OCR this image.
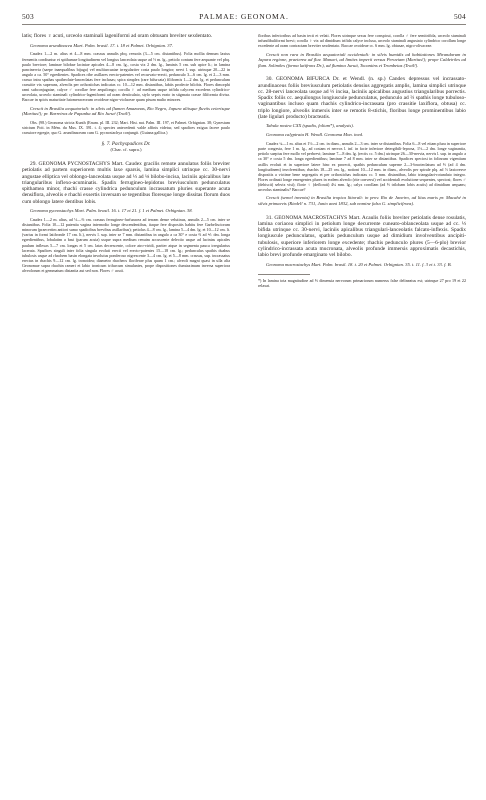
503	PALMAE: GEONOMA.	504

latis; flores ♀ acuti, urceolo staminali lageniformi ad oram obtusam breviter sexdentato.

Geonoma arundinacea Mart. Palm. brasil. 17. t. 18 et Palmet. Orbignian. 37.

Caudex 1—2 m. altus et 4—8 mm. crassus annulis pbq. remotis (3—5 cm. distantibus). Folia mollia demum laxius fermentis condiuntur et spithamae longitudinem vel longius lanceolata usque ad ½ m. lg., petiolo contum fere aequante vel pbq. paulo breviore; laminae bilobae laciniae apicales 4—8 cm. lg., costa vix 2 dm. lg., laminis 5 cm. sub apice lt.; in lamina pancinervia (saepe inaequalibus bijuga) vel multiarcuatae irregulariter costa paulo longior; nervi l. sup. utrinque 20—22 in angulo a ca. 50° egredientes. Spadices ribe axillares erecto-patentes vel recurvato-erecti, pedunculo 3—6 cm. lg. et 2—3 mm. crasso intra spathas spatheolate-lanceolatas fere inclusas; spica simplex (rare bifurcata) filiformis 1—2 dm. lg. et pedunculum crassitie vix superans, alveolis per orthostichas indicatas cc. 10—12 mm. distantibus, labiis prodecte bilobis. Flores dimorphi rami subconjugatae, calyce ♂ corollae fere aequilongo; corolla ♀ ad medium usque trifida calycem excedens cylindrico-urceolata, urceolo staminali cylindrico-lageniformi ad oram denticulato, stylo sepris erato in stigmata crasse filiformia divisa. Baccae in spicis maturitate lutomeraceorum ovoideae nigro-violaceae quam pisum multo minores.

Crescit in Brasilia aequatoriali: in silvis ad flumen Amazonas, Rio Negro, Japura aliisque fluviis ceterisque (Martius!); pr. Barreiras de Papunha ad Rio Jurué (Trail!).

Obs. (98.) Geonoma stricta Kunth (Enum. pl. III. 232; Mart. Hist. nat. Palm. III. 197, et Palmet. Orbignian. 38; Gynestum strictum Poit. in Mém. du Mus. IX. 391. t. 4; species antecedenti valde affinis videtur, sed spadices exigua facere paulo crassiore egregie, quo G. arundinaceam cum G. pycnostachya conjungit. (Guiana gallica.)

§. 7. Pachyspadices Dr.

(Char. cf. supra.)

29. GEONOMA PYCNOSTACHYS Mart. Caudex gracilis remote annulatus foliis breviter petiolatis ad partem superiorem multis laxe sparsis, lamina simplici utrinque cc. 30-nervi angustae elliptica vel oblongo-lanceolata usque ad ⅓ ad ⅛ bilobo-incisa, laciniis apicalibus late triangularibus inflexo-acuminatis. Spadix ferrugineo-lepidotus breviusculum pedunculatus spithamea minor, rhachi crasse cylindrica pedunculum incrassatum pluries superante acuta densiflora, alveolis e rhachi exsertis inversam se tegentibus floresque longe dissitas florum duos cum oblongo latere dentibus lobis.

Geonoma pycnostachys Mart. Palm. brasil. 16. t. 17 et 21. f. 1 et Palmet. Orbignian. 38.

Caudex 1—2 m. altus, ad ⅓—⅔ cm. crassus ferrugineo-furfuracea ad terram dense velutinus, annulis 2—5 cm. inter se distantibus. Folia 10—12 patentia vagina internodio longe descendentibus, itaque fere dispositis habitu fere Garbelisciorum minorum (praecertim antiori sumo spadicibus brevibus axillaribus); petiolus 4—8 cm. lg., lamina 5—4 dm. lg. et 10—12 cm. lt. (varius in formi latifronde 17 cm. lt.), nervis l. sup. inter se 7 mm. distantibus in angulo a ca 30° e costa ⅔ ad ⅘ dm. longa egredientibus, lobulatim a basi (parum acuta) usque supra medium renuim accuscente delectio usque ad lacinias apicales paulum inflexas 5—7 cm. longas et 5 cm. latas decrescente, colore atro-viridi, pariter atque in segmenta pauca irregularius lacerata. Spadices singuli inter folia singula evoluti erecti vel erecto-patentes 15—18 cm. lg.; pedunculus spathis duabus tubulosis usque ad rhachem basin elongata involutus ponderoso nigrescente 3—4 cm. lg. et 5—8 mm. crassus, sup. incrassatus erectus in rhachis 9—12 cm. lg. tronoidea; diametro rhacheos floriferae plus quam 1 cm.; alveoli magni quasi in ulla alia Geonomae supra rhachin rameri et labio tronicum trifurcum simulantes, prope dispositiones dumtaximum inversa superiora alveolorum et gemmatum distantia aut sed non. Flores ♂ acuti.

floribus inferioribus ad basin tecti et velati. Flores utrinque sexus fere conspicui, corolla ♂ fere semitrifida, urceolo staminali infundibuliformi brevi; corolla ♀ vix ad dimidium trifida calyce inclusa, urceolo staminali angustato cylindrico corollam longe excedente ad oram contractam breviter sexdentato. Baccae ovoideae cc. 6 mm. lg. obtusae, nigro-olivaceae.

Crescit non rara in Brasilia aequatoriali occidentali: in silvis humidis ad habitationes Mirandarum in Japura regione, praeterea ad fluv. Manaei, ad limites imperii versus Peruviam (Martius!); prope Caldeirões ad flum. Solimões (forma latifrons Dr.), ad flumina Juruá, Tocantins et Trombetas (Trail!).

30. GEONOMA BIFURCA Dr. et Wendl. (n. sp.) Candex depressus vel incrassato-arundinaceus foliis breviusculum petiolatis densius aggregatis amplis, lamina simplici utrinque cc. 28-nervi lanceolata usque ad ⅓ incisa, laciniis apicalibus angustius triangularibus porrectis. Spadix foliis cc. aequilongus longiuscule pedunculatus, pedunculo ad ⅔ spathis longe tubuloso-vaginantibus incluso quam rhachis cylindrico-incrassata (pro crassitie laxiflora, obtusa) cc. triplo longiore, alveolis inmersis inter se remotis 8-stichis, floribus longe prominentibus labio (late ligulari producto) bracteatis.

Tabula nostra CXX (spadix, folium*), analysis).

Geonoma calyptrata H. Wendl. Geonoma Mon. ined.

Caudex ¼—1 m. altus et 1½—2 cm. in diam., annulis 2—3 cm. inter se distantibus. Folia 6—8 vel etiam plura in superiore parte congesta, fere 1 m. lg., ad costam et nervos l. inf. in facie inferiore detergibili-leprosa, 1½—2 dm. longe vaginantia, petiolo saepius fere mollo vel perbrevi; laminae 7—8 dm. lg. (rectis cc. 5 dm.) utrinque 26—30-nervia, nervis l. sup. in angulo a ca 30° e costa 5 dm. longa egredientibus; laminae 7 ad 8 mm. inter se distantibus. Spadices speciosi in folinrum vigentium axillis evoluti et in superiore latere hinc ex prorecti, spathis pedunculum superne 2—3-bracteolatum ad ⅔ (ad 4 dm. longitudinem) involventibus; rhachis 18—25 cm. lg., notioni 10—12 mm. in diam., alveolis per spirale plq. ad ⅓ laxioresve dispositis a victime bene segregatis et per orthostichas indicatas cc. 5 mm. distantibus, labio triangulari-rotundato integro. Flores ordinati longe emergentes plures in eodem alveolo (rite conversi) vel accidentali evolutione sequentes, speciosi; flores ♂ (dehiscit) sebvix visi); florie ♀ (deflorati) 4¼ mm. lg.; calyx corollam (ad ⅔ trilobam lobis acutis) ad dimidium aequans; urceolus staminalis? Baccae?

Crescit (semel inventa) in Brasilia tropica littorali: in prov. Rio de Janeiro, ad litus maris pr. Macahé in silvis primaevis (Riedel! n. 731, Junio anni 1832, sub nomine falso G. simplicifrons).

31. GEONOMA MACROSTACHYS Mart. Acaulis foliis breviter petiolatis dense rosulatis, lamina coriacea simplici in petiolum longe decurrente cuneato-oblanceolata usque ad cc. ⅓ bifida utrinque cc. 30-nervi, laciniis apicalibus triangulari-lanceolatis falcato-inflexis. Spadix longiuscule pedunculatus, spathis pedunculum usque ad dimidium involventibus ancipiti-tubulosis, superiore inferiorem longe excedente; rhachis pedunculo plures (5—6-plo) brevior cylindrico-incrassata acuta mucronata, alveolis profunde immersis approximatis decastichis, labio brevi profunde emarginato vel bilobo.

Geonoma macrostachys Mart. Palm. brasil. 18. t. 20 et Palmet. Orbignian. 35. t. 11. f. 3 et t. 33. f. B.

*) In lamina tota magnitudine ad ⅔ dimensia nervorum primariorum numerus false delineatus est; utrinque 27 pro 19 et 22 relaxat.
